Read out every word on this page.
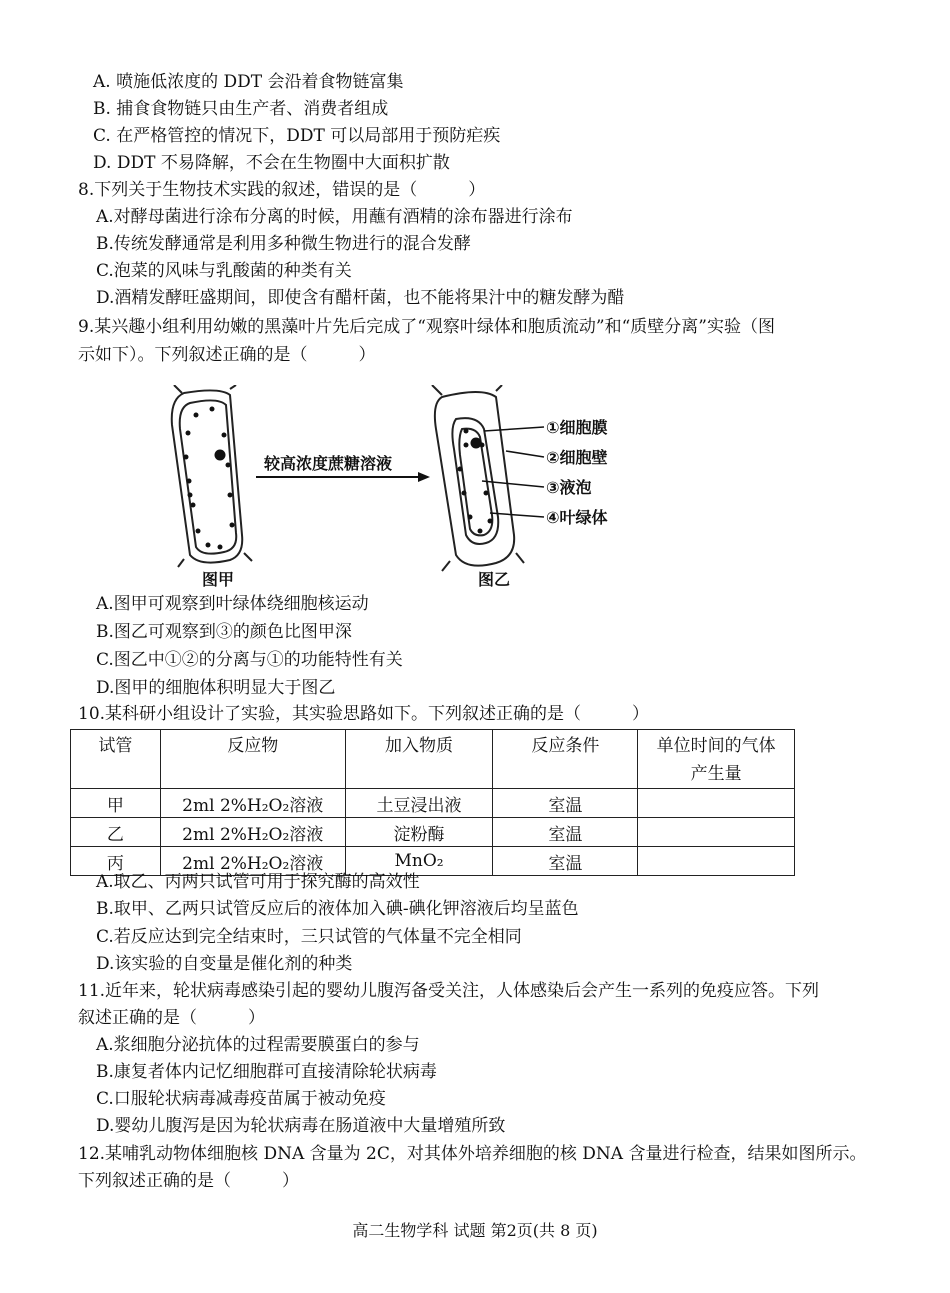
A. 喷施低浓度的 DDT 会沿着食物链富集
B. 捕食食物链只由生产者、消费者组成
C. 在严格管控的情况下，DDT 可以局部用于预防疟疾
D. DDT 不易降解，不会在生物圈中大面积扩散
8.下列关于生物技术实践的叙述，错误的是（　　　）
A.对酵母菌进行涂布分离的时候，用蘸有酒精的涂布器进行涂布
B.传统发酵通常是利用多种微生物进行的混合发酵
C.泡菜的风味与乳酸菌的种类有关
D.酒精发酵旺盛期间，即使含有醋杆菌，也不能将果汁中的糖发酵为醋
9.某兴趣小组利用幼嫩的黑藻叶片先后完成了“观察叶绿体和胞质流动”和“质壁分离”实验（图
示如下）。下列叙述正确的是（　　　）
图甲
较高浓度蔗糖溶液
图乙
①细胞膜
②细胞壁
③液泡
④叶绿体
A.图甲可观察到叶绿体绕细胞核运动
B.图乙可观察到③的颜色比图甲深
C.图乙中①②的分离与①的功能特性有关
D.图甲的细胞体积明显大于图乙
10.某科研小组设计了实验，其实验思路如下。下列叙述正确的是（　　　）
试管	反应物	加入物质	反应条件	单位时间的气体
产生量

甲	2ml 2%H₂O₂溶液	土豆浸出液	室温	
乙	2ml 2%H₂O₂溶液	淀粉酶	室温	
丙	2ml 2%H₂O₂溶液	MnO₂	室温	
A.取乙、丙两只试管可用于探究酶的高效性
B.取甲、乙两只试管反应后的液体加入碘-碘化钾溶液后均呈蓝色
C.若反应达到完全结束时，三只试管的气体量不完全相同
D.该实验的自变量是催化剂的种类
11.近年来，轮状病毒感染引起的婴幼儿腹泻备受关注，人体感染后会产生一系列的免疫应答。下列
叙述正确的是（　　　）
A.浆细胞分泌抗体的过程需要膜蛋白的参与
B.康复者体内记忆细胞群可直接清除轮状病毒
C.口服轮状病毒减毒疫苗属于被动免疫
D.婴幼儿腹泻是因为轮状病毒在肠道液中大量增殖所致
12.某哺乳动物体细胞核 DNA 含量为 2C，对其体外培养细胞的核 DNA 含量进行检查，结果如图所示。
下列叙述正确的是（　　　）
高二生物学科 试题 第2页(共 8 页)
